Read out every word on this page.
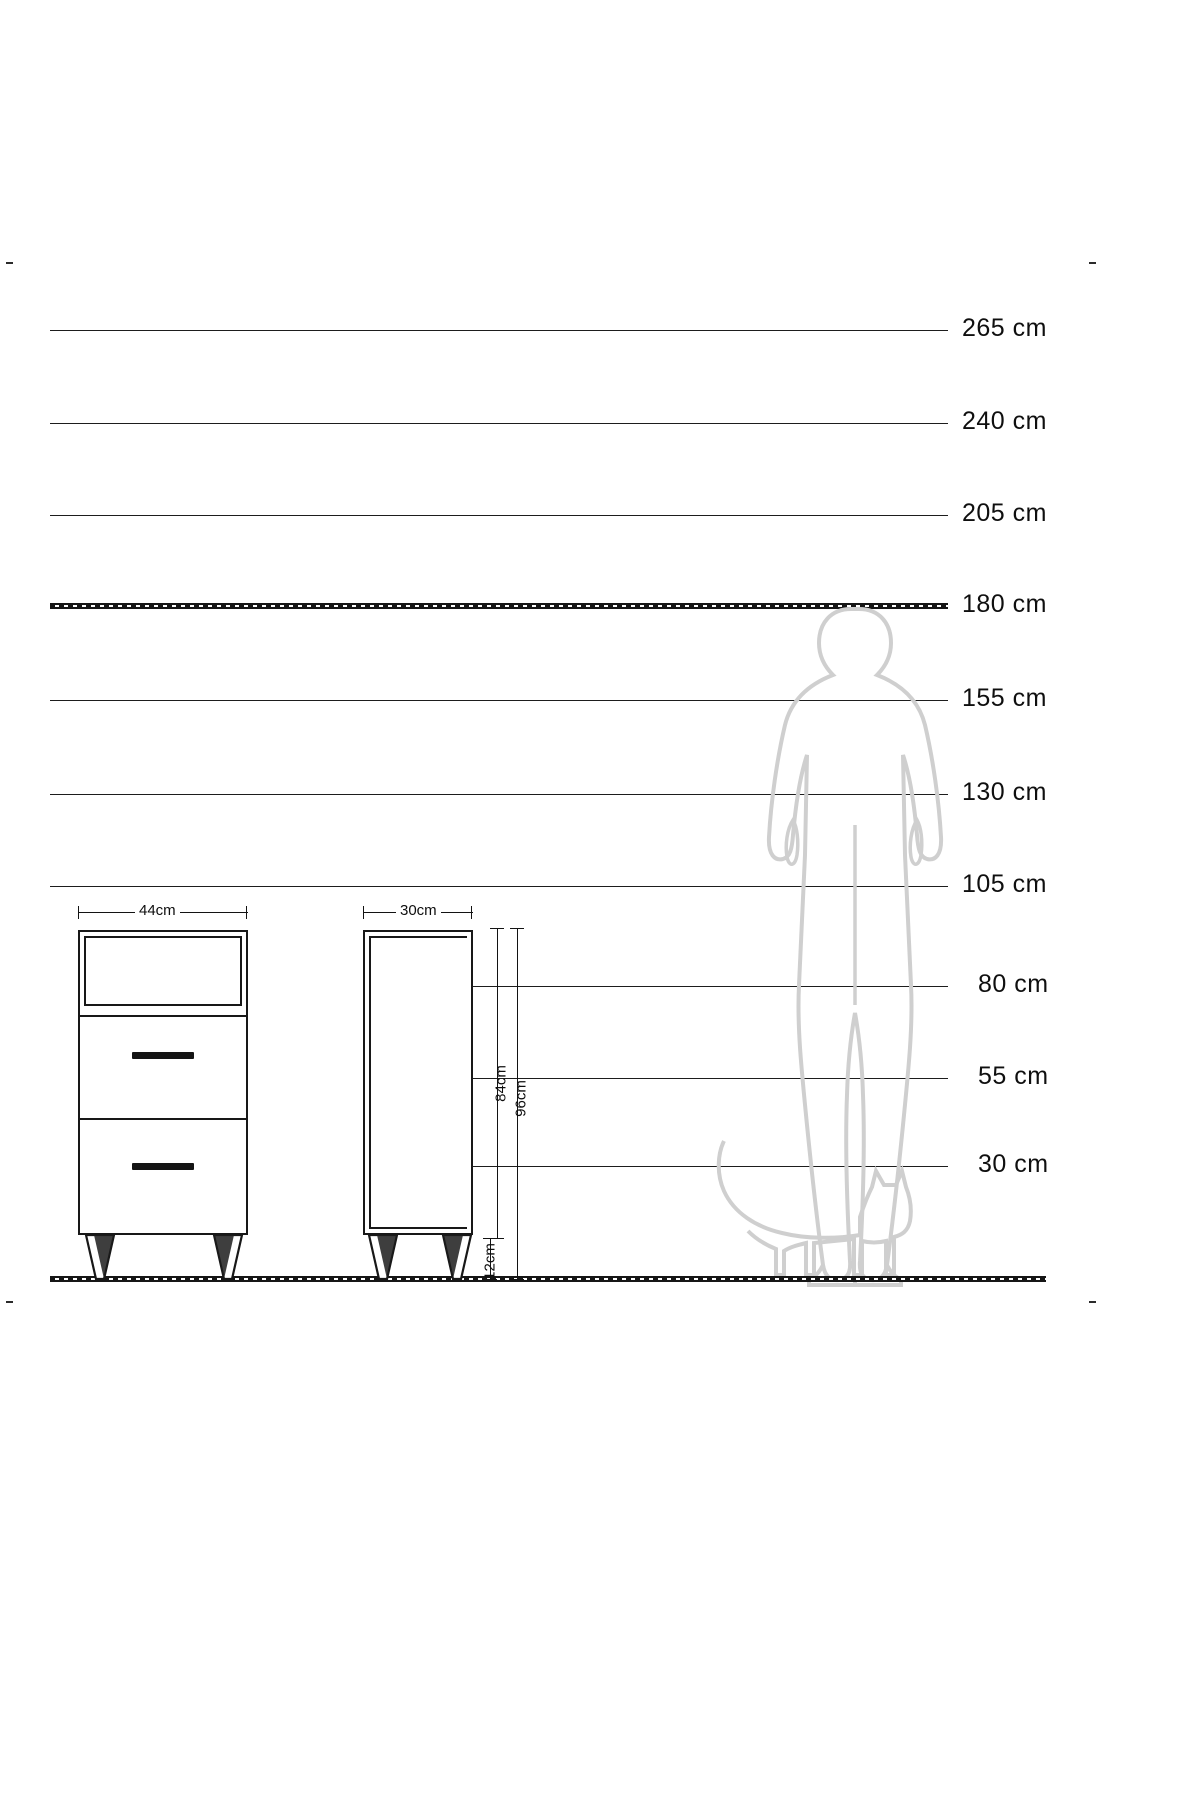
265 cm
240 cm
205 cm
180 cm
155 cm
130 cm
105 cm
80 cm
55 cm
30 cm
44cm	30cm
84cm 96cm
12cm
